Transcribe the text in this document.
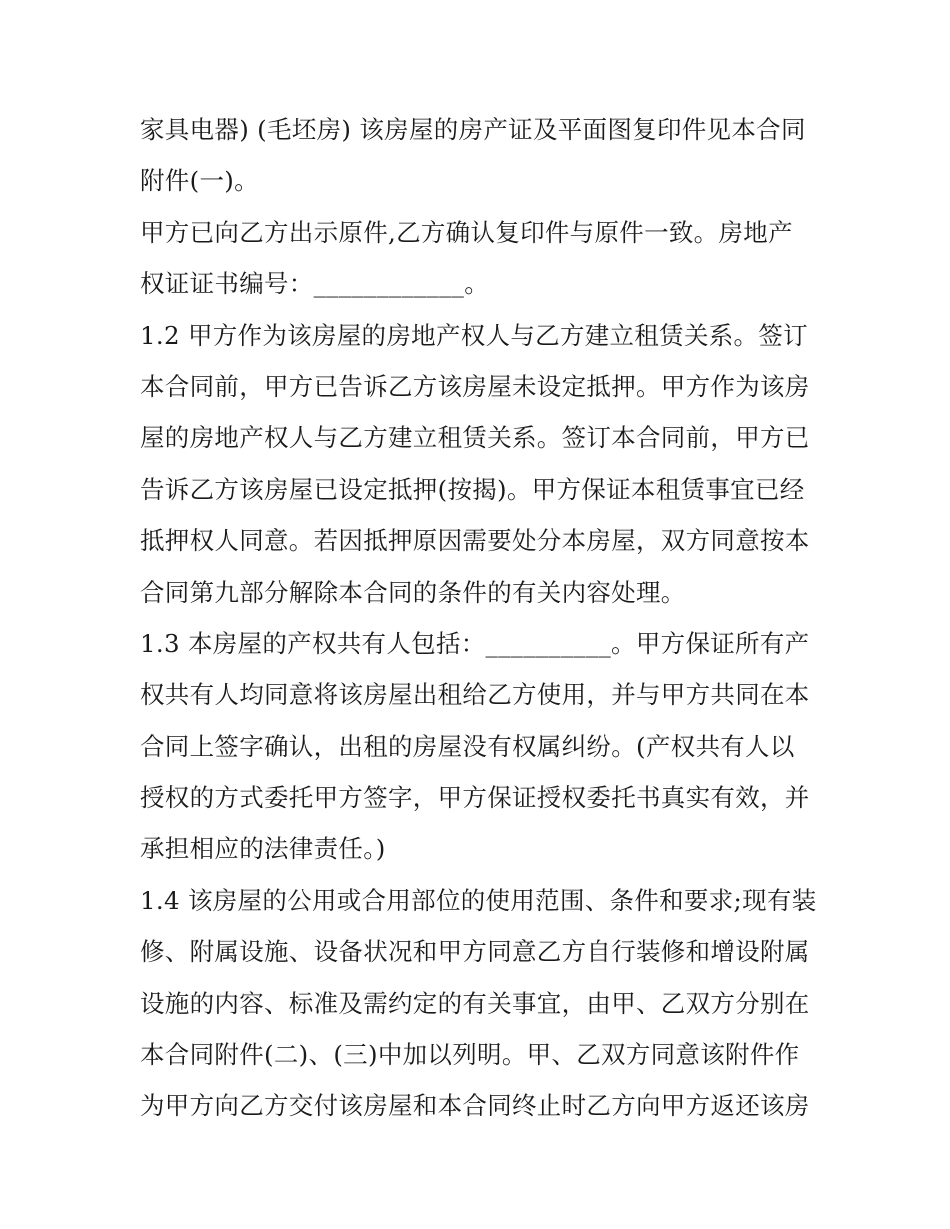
家具电器) (毛坯房) 该房屋的房产证及平面图复印件见本合同
附件(一)。
甲方已向乙方出示原件,乙方确认复印件与原件一致。房地产
权证证书编号：____________。
1.2 甲方作为该房屋的房地产权人与乙方建立租赁关系。签订
本合同前，甲方已告诉乙方该房屋未设定抵押。甲方作为该房
屋的房地产权人与乙方建立租赁关系。签订本合同前，甲方已
告诉乙方该房屋已设定抵押(按揭)。甲方保证本租赁事宜已经
抵押权人同意。若因抵押原因需要处分本房屋，双方同意按本
合同第九部分解除本合同的条件的有关内容处理。
1.3 本房屋的产权共有人包括：__________。甲方保证所有产
权共有人均同意将该房屋出租给乙方使用，并与甲方共同在本
合同上签字确认，出租的房屋没有权属纠纷。(产权共有人以
授权的方式委托甲方签字，甲方保证授权委托书真实有效，并
承担相应的法律责任。)
1.4 该房屋的公用或合用部位的使用范围、条件和要求;现有装
修、附属设施、设备状况和甲方同意乙方自行装修和增设附属
设施的内容、标准及需约定的有关事宜，由甲、乙双方分别在
本合同附件(二)、(三)中加以列明。甲、乙双方同意该附件作
为甲方向乙方交付该房屋和本合同终止时乙方向甲方返还该房
